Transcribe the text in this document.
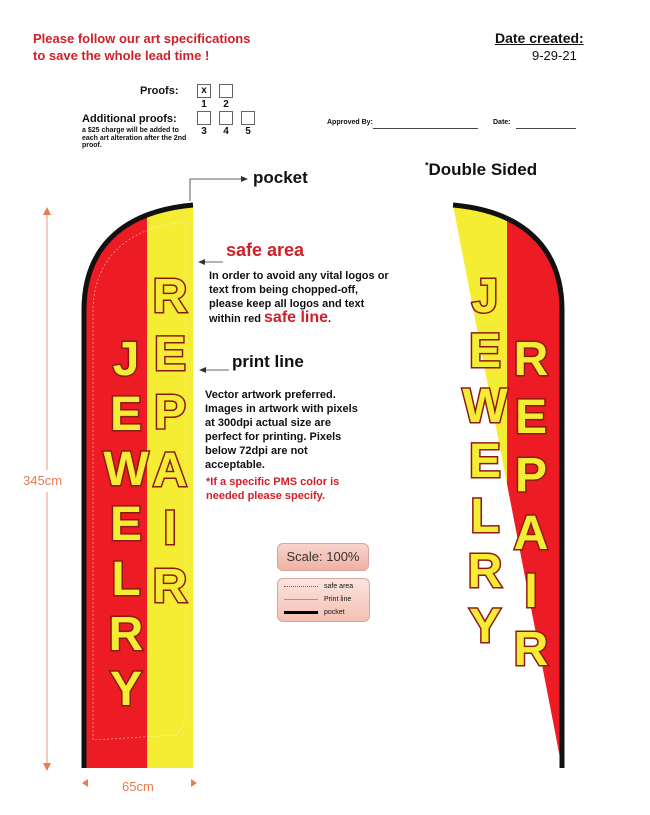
Please follow our art specifications
to save the whole lead time !
Date created:
9-29-21
Proofs:	x
1	2
Additional proofs:
3	4	5
a $25 charge will be added to each art alteration after the 2nd proof.
Approved By:	Date:
pocket
*Double Sided
safe area
In order to avoid any vital logos or text from being chopped-off, please keep all logos and text within red safe line.
print line
Vector artwork preferred. Images in artwork with pixels at 300dpi actual size are perfect for printing. Pixels below 72dpi are not acceptable.
*If a specific PMS color is needed please specify.
Scale: 100%
safe area
Print line
pocket
345cm
65cm
J
E
W
E
L
R
Y
R
E
P
A
I
R
J
E
W
E
L
R
Y
R
E
P
A
I
R
